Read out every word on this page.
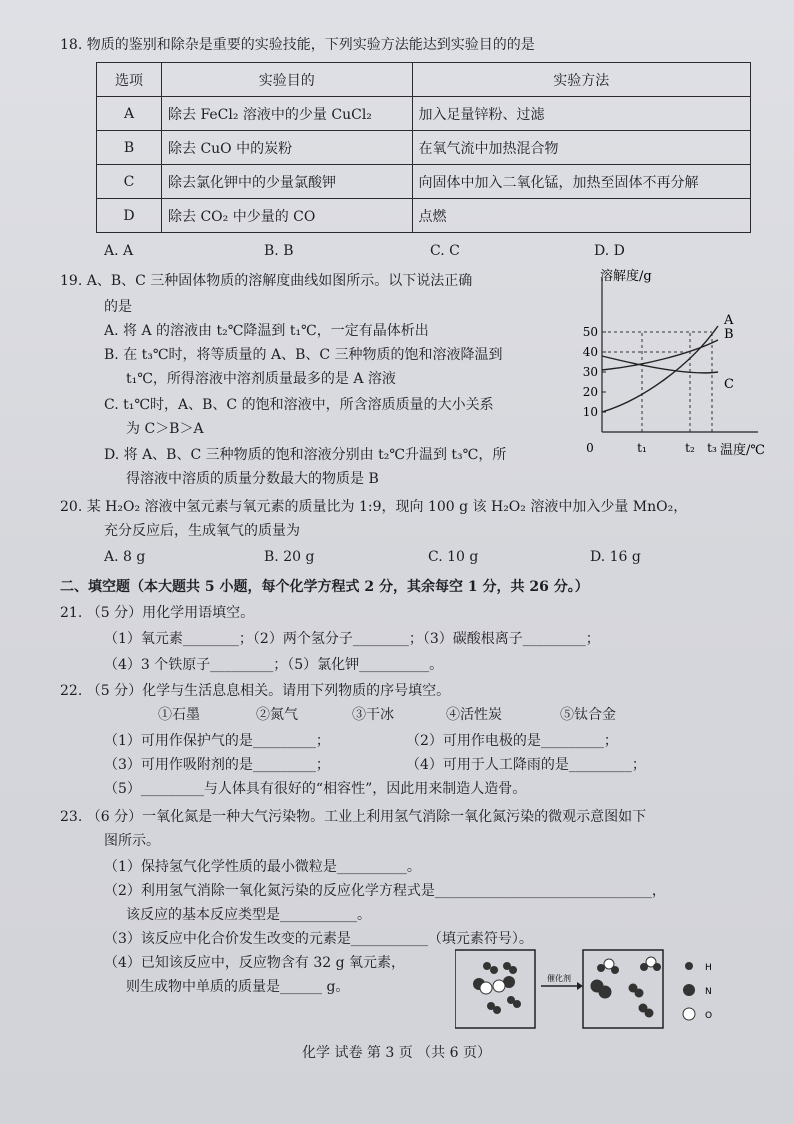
18. 物质的鉴别和除杂是重要的实验技能，下列实验方法能达到实验目的的是
选项	实验目的	实验方法
A	除去 FeCl₂ 溶液中的少量 CuCl₂	加入足量锌粉、过滤
B	除去 CuO 中的炭粉	在氧气流中加热混合物
C	除去氯化钾中的少量氯酸钾	向固体中加入二氧化锰，加热至固体不再分解
D	除去 CO₂ 中少量的 CO	点燃
A. A	B. B	C. C	D. D
19. A、B、C 三种固体物质的溶解度曲线如图所示。以下说法正确
的是
A. 将 A 的溶液由 t₂℃降温到 t₁℃，一定有晶体析出
B. 在 t₃℃时，将等质量的 A、B、C 三种物质的饱和溶液降温到
t₁℃，所得溶液中溶剂质量最多的是 A 溶液
C. t₁℃时，A、B、C 的饱和溶液中，所含溶质质量的大小关系
为 C＞B＞A
D. 将 A、B、C 三种物质的饱和溶液分别由 t₂℃升温到 t₃℃，所
得溶液中溶质的质量分数最大的物质是 B
溶解度/g
温度/℃
10
20
30
40
50
0	t₁	t₂ t₃
A
B
C
20. 某 H₂O₂ 溶液中氢元素与氧元素的质量比为 1:9，现向 100 g 该 H₂O₂ 溶液中加入少量 MnO₂，
充分反应后，生成氧气的质量为
A. 8 g	B. 20 g	C. 10 g	D. 16 g
二、填空题（本大题共 5 小题，每个化学方程式 2 分，其余每空 1 分，共 26 分。）
21. （5 分）用化学用语填空。
（1）氧元素________；（2）两个氢分子________；（3）碳酸根离子_________；
（4）3 个铁原子_________；（5）氯化钾__________。
22. （5 分）化学与生活息息相关。请用下列物质的序号填空。
①石墨	②氮气	③干冰	④活性炭	⑤钛合金
（1）可用作保护气的是_________；	（2）可用作电极的是_________；
（3）可用作吸附剂的是_________；	（4）可用于人工降雨的是_________；
（5）_________与人体具有很好的“相容性”，因此用来制造人造骨。
23. （6 分）一氧化氮是一种大气污染物。工业上利用氢气消除一氧化氮污染的微观示意图如下
图所示。
（1）保持氢气化学性质的最小微粒是__________。
（2）利用氢气消除一氧化氮污染的反应化学方程式是_______________________________，
该反应的基本反应类型是___________。
（3）该反应中化合价发生改变的元素是___________（填元素符号）。
（4）已知该反应中，反应物含有 32 g 氧元素，
则生成物中单质的质量是______ g。
催化剂
H
N
O
化学 试卷 第 3 页 （共 6 页）
